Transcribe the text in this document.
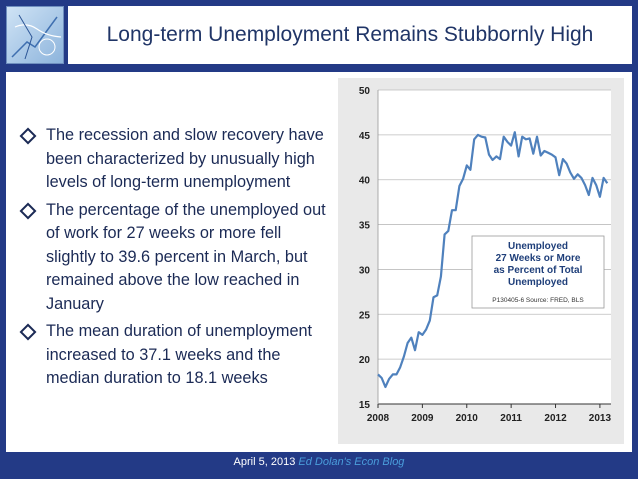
Long-term Unemployment Remains Stubbornly High
The recession and slow recovery have been characterized by unusually high levels of long-term unemployment
The percentage of the unemployed out of work for 27 weeks or more fell slightly to 39.6 percent in March, but remained above the low reached in January
The mean duration of unemployment increased to 37.1 weeks and the median duration to 18.1 weeks
15
20
25
30
35
40
45
50
2008 2009 2010 2011 2012 2013
Unemployed
27 Weeks or More
as Percent of Total
Unemployed
P130405-6 Source: FRED, BLS
April 5, 2013 Ed Dolan's Econ Blog
